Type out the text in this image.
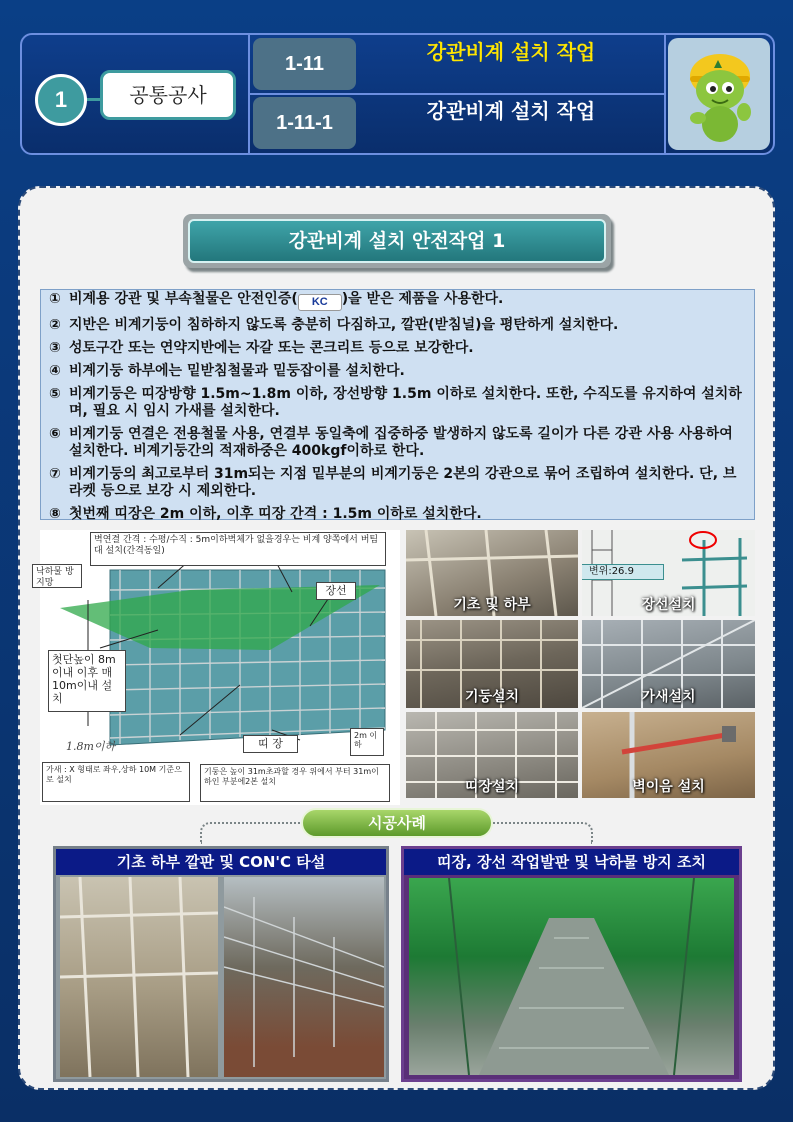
1	공통공사
1-11	강관비계 설치 작업
1-11-1	강관비계 설치 작업
강관비계 설치 안전작업 1
① 비계용 강관 및 부속철물은 안전인증( KC )을 받은 제품을 사용한다.
② 지반은 비계기둥이 침하하지 않도록 충분히 다짐하고, 깔판(받침널)을 평탄하게 설치한다.
③ 성토구간 또는 연약지반에는 자갈 또는 콘크리트 등으로 보강한다.
④ 비계기둥 하부에는 밑받침철물과 밑둥잡이를 설치한다.
⑤ 비계기둥은 띠장방향 1.5m~1.8m 이하, 장선방향 1.5m 이하로 설치한다. 또한, 수직도를 유지하여 설치하며, 필요 시 임시 가새를 설치한다.
⑥ 비계기둥 연결은 전용철물 사용, 연결부 동일축에 집중하중 발생하지 않도록 길이가 다른 강관 사용 사용하여 설치한다. 비계기둥간의 적재하중은 400kgf이하로 한다.
⑦ 비계기둥의 최고로부터 31m되는 지점 밑부분의 비계기둥은 2본의 강관으로 묶어 조립하여 설치한다. 단, 브라켓 등으로 보강 시 제외한다.
⑧ 첫번째 띠장은 2m 이하, 이후 띠장 간격 : 1.5m 이하로 설치한다.
벽연결 간격 : 수평/수직 : 5m이하벽체가 없을경우는 비계 양쪽에서 버팀대 설치(간격동일)
낙하물 방지망
장선
첫단높이 8m 이내 이후 매10m이내 설치
1.8m이하	띠 장
2m 이하
가새 : X 형태로 좌우,상하 10M 기준으로 설치
기둥은 높이 31m초과할 경우 위에서 부터 31m이하인 부분에2본 설치
기초 및 하부
변위:26.9
장선설치
기둥설치	가새설치
띠장설치	벽이음 설치
시공사례
기초 하부 깔판 및 CON'C 타설	띠장, 장선 작업발판 및 낙하물 방지 조치
